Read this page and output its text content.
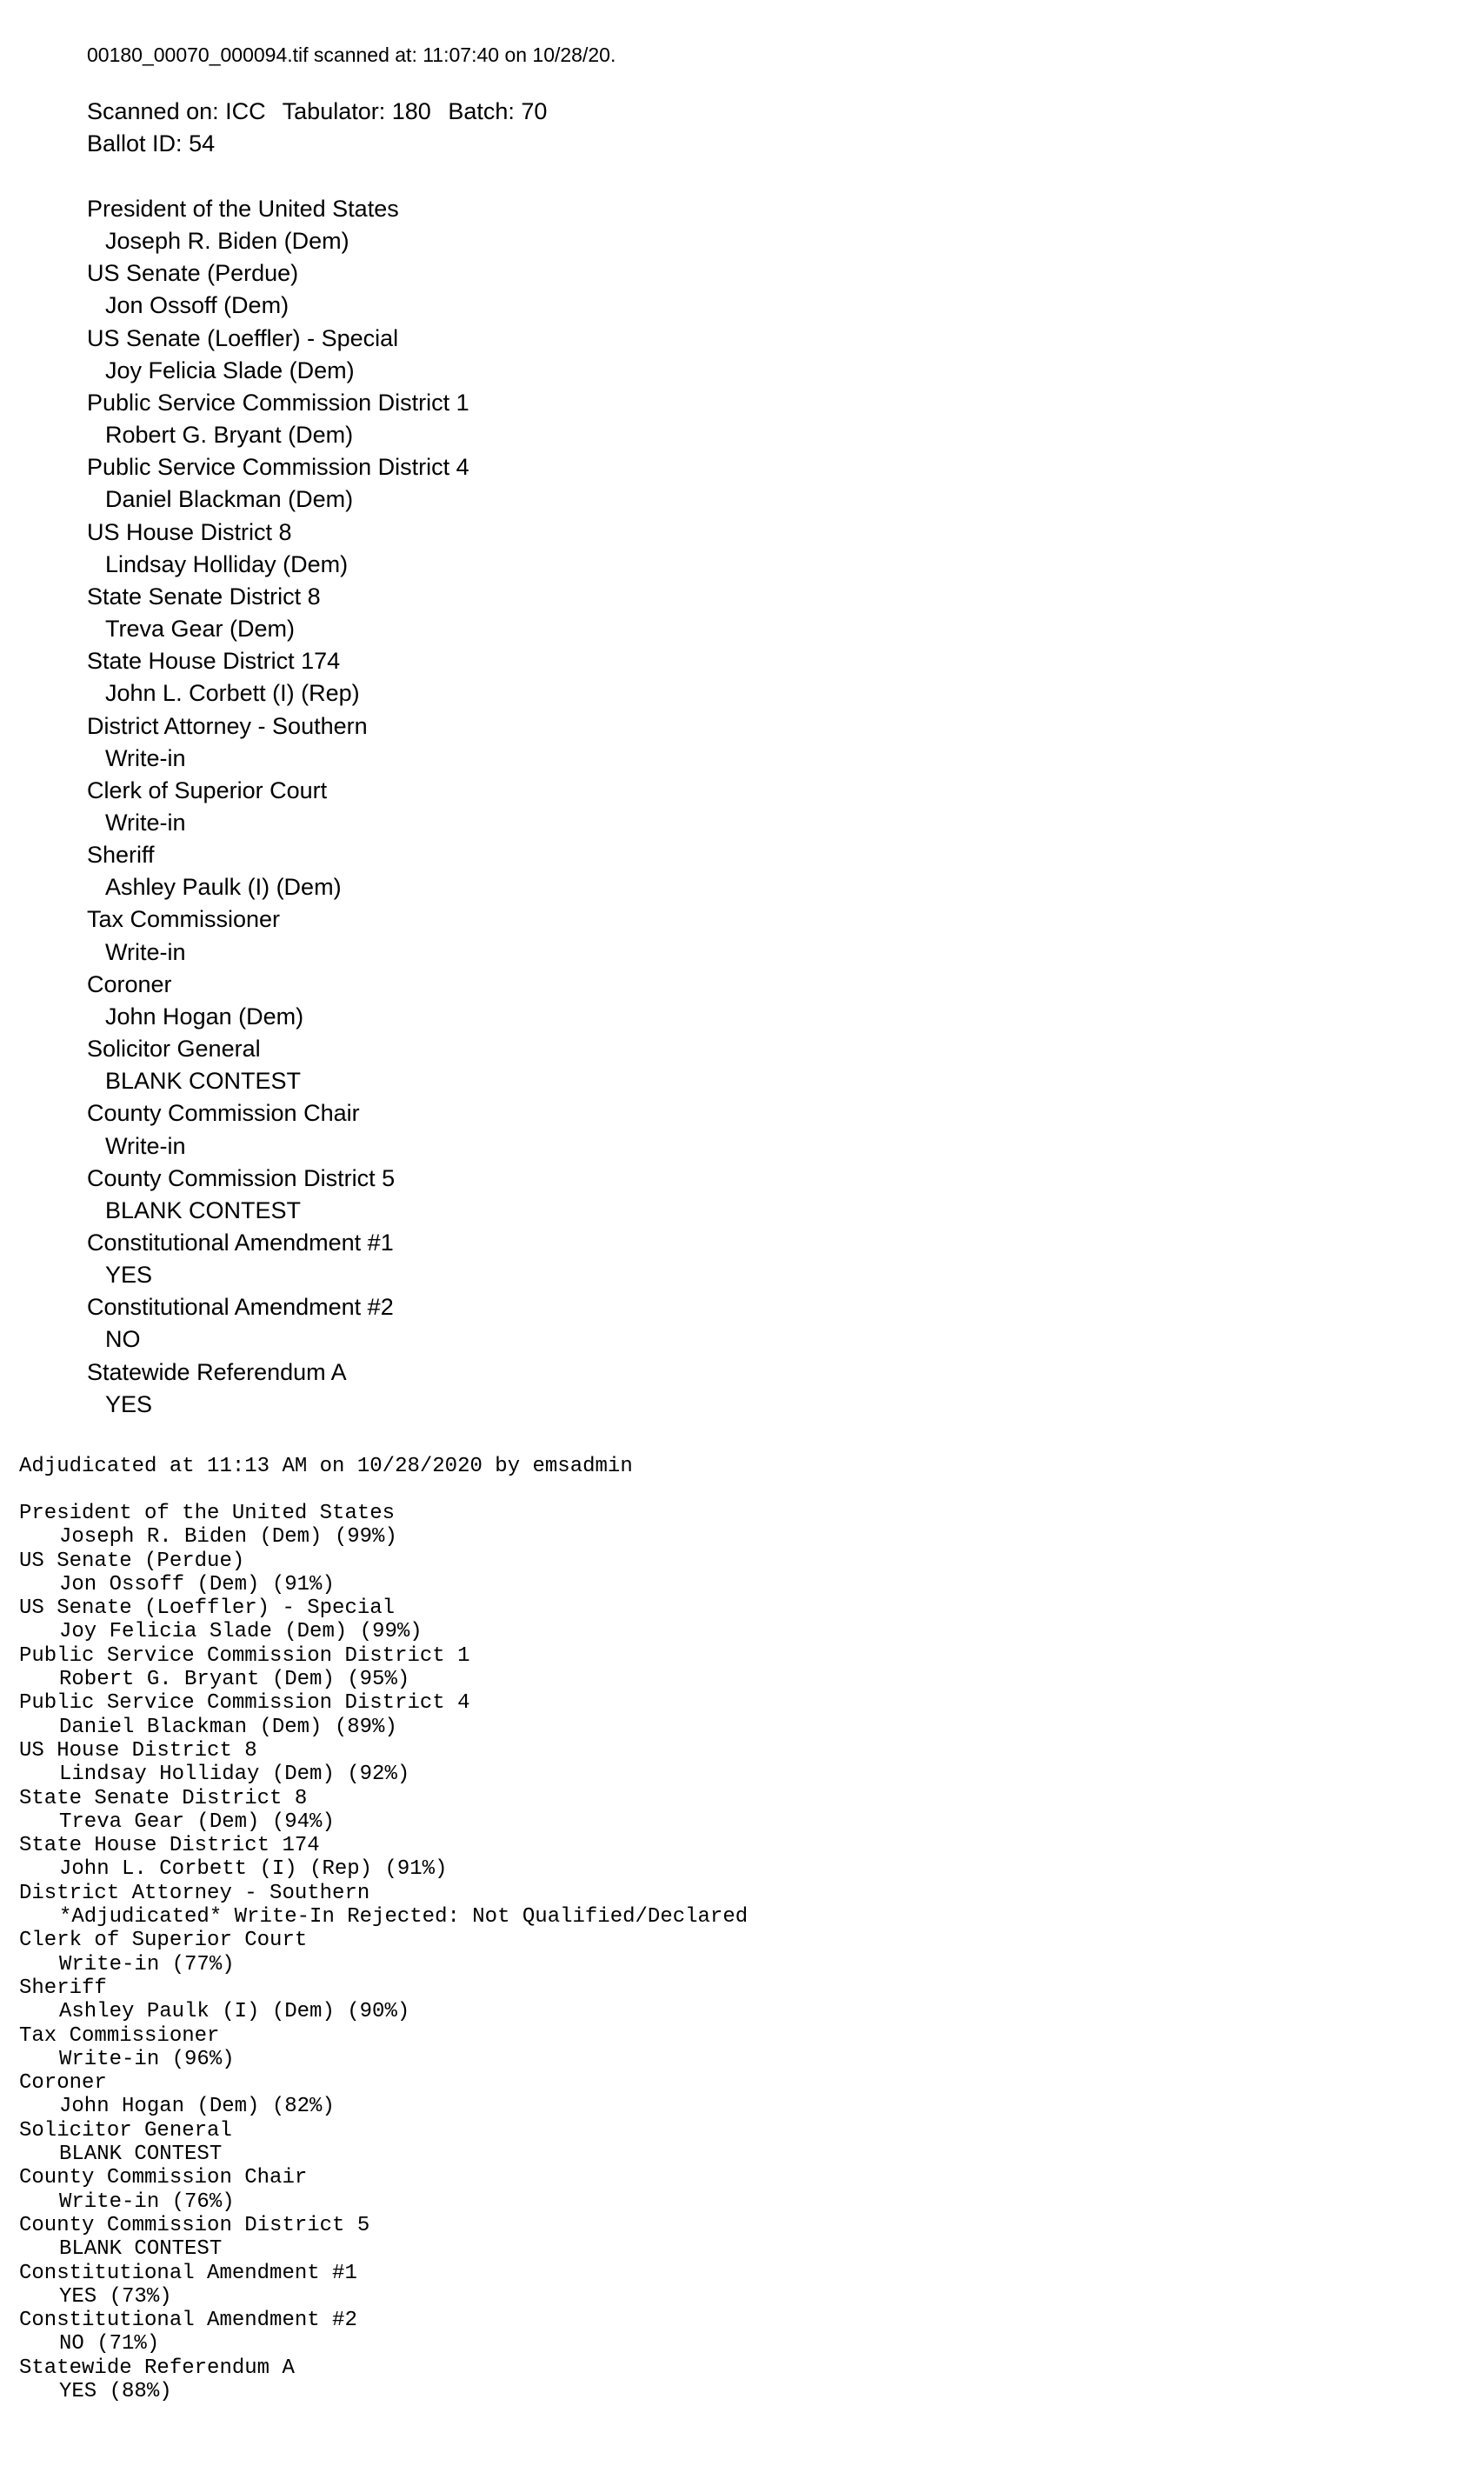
00180_00070_000094.tif scanned at: 11:07:40 on 10/28/20.
Scanned on: ICC Tabulator: 180 Batch: 70
Ballot ID: 54
President of the United States
Joseph R. Biden (Dem)
US Senate (Perdue)
Jon Ossoff (Dem)
US Senate (Loeffler) - Special
Joy Felicia Slade (Dem)
Public Service Commission District 1
Robert G. Bryant (Dem)
Public Service Commission District 4
Daniel Blackman (Dem)
US House District 8
Lindsay Holliday (Dem)
State Senate District 8
Treva Gear (Dem)
State House District 174
John L. Corbett (I) (Rep)
District Attorney - Southern
Write-in
Clerk of Superior Court
Write-in
Sheriff
Ashley Paulk (I) (Dem)
Tax Commissioner
Write-in
Coroner
John Hogan (Dem)
Solicitor General
BLANK CONTEST
County Commission Chair
Write-in
County Commission District 5
BLANK CONTEST
Constitutional Amendment #1
YES
Constitutional Amendment #2
NO
Statewide Referendum A
YES
Adjudicated at 11:13 AM on 10/28/2020 by emsadmin
President of the United States
Joseph R. Biden (Dem) (99%)
US Senate (Perdue)
Jon Ossoff (Dem) (91%)
US Senate (Loeffler) - Special
Joy Felicia Slade (Dem) (99%)
Public Service Commission District 1
Robert G. Bryant (Dem) (95%)
Public Service Commission District 4
Daniel Blackman (Dem) (89%)
US House District 8
Lindsay Holliday (Dem) (92%)
State Senate District 8
Treva Gear (Dem) (94%)
State House District 174
John L. Corbett (I) (Rep) (91%)
District Attorney - Southern
*Adjudicated* Write-In Rejected: Not Qualified/Declared
Clerk of Superior Court
Write-in (77%)
Sheriff
Ashley Paulk (I) (Dem) (90%)
Tax Commissioner
Write-in (96%)
Coroner
John Hogan (Dem) (82%)
Solicitor General
BLANK CONTEST
County Commission Chair
Write-in (76%)
County Commission District 5
BLANK CONTEST
Constitutional Amendment #1
YES (73%)
Constitutional Amendment #2
NO (71%)
Statewide Referendum A
YES (88%)
